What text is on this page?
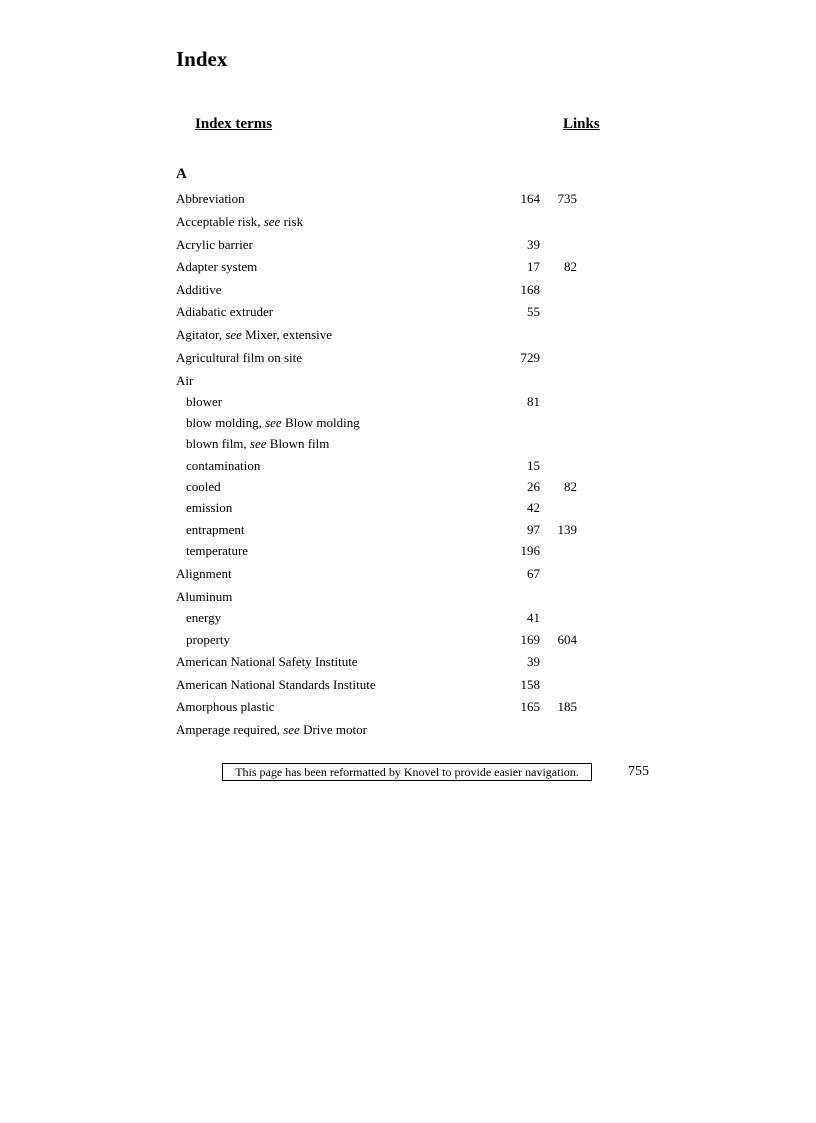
Index
Index terms	Links
A
Abbreviation	164 735
Acceptable risk, see risk
Acrylic barrier	39
Adapter system	17 82
Additive	168
Adiabatic extruder	55
Agitator, see Mixer, extensive
Agricultural film on site	729
Air
blower	81
blow molding, see Blow molding
blown film, see Blown film
contamination	15
cooled	26 82
emission	42
entrapment	97 139
temperature	196
Alignment	67
Aluminum
energy	41
property	169 604
American National Safety Institute	39
American National Standards Institute	158
Amorphous plastic	165 185
Amperage required, see Drive motor
This page has been reformatted by Knovel to provide easier navigation.	755
